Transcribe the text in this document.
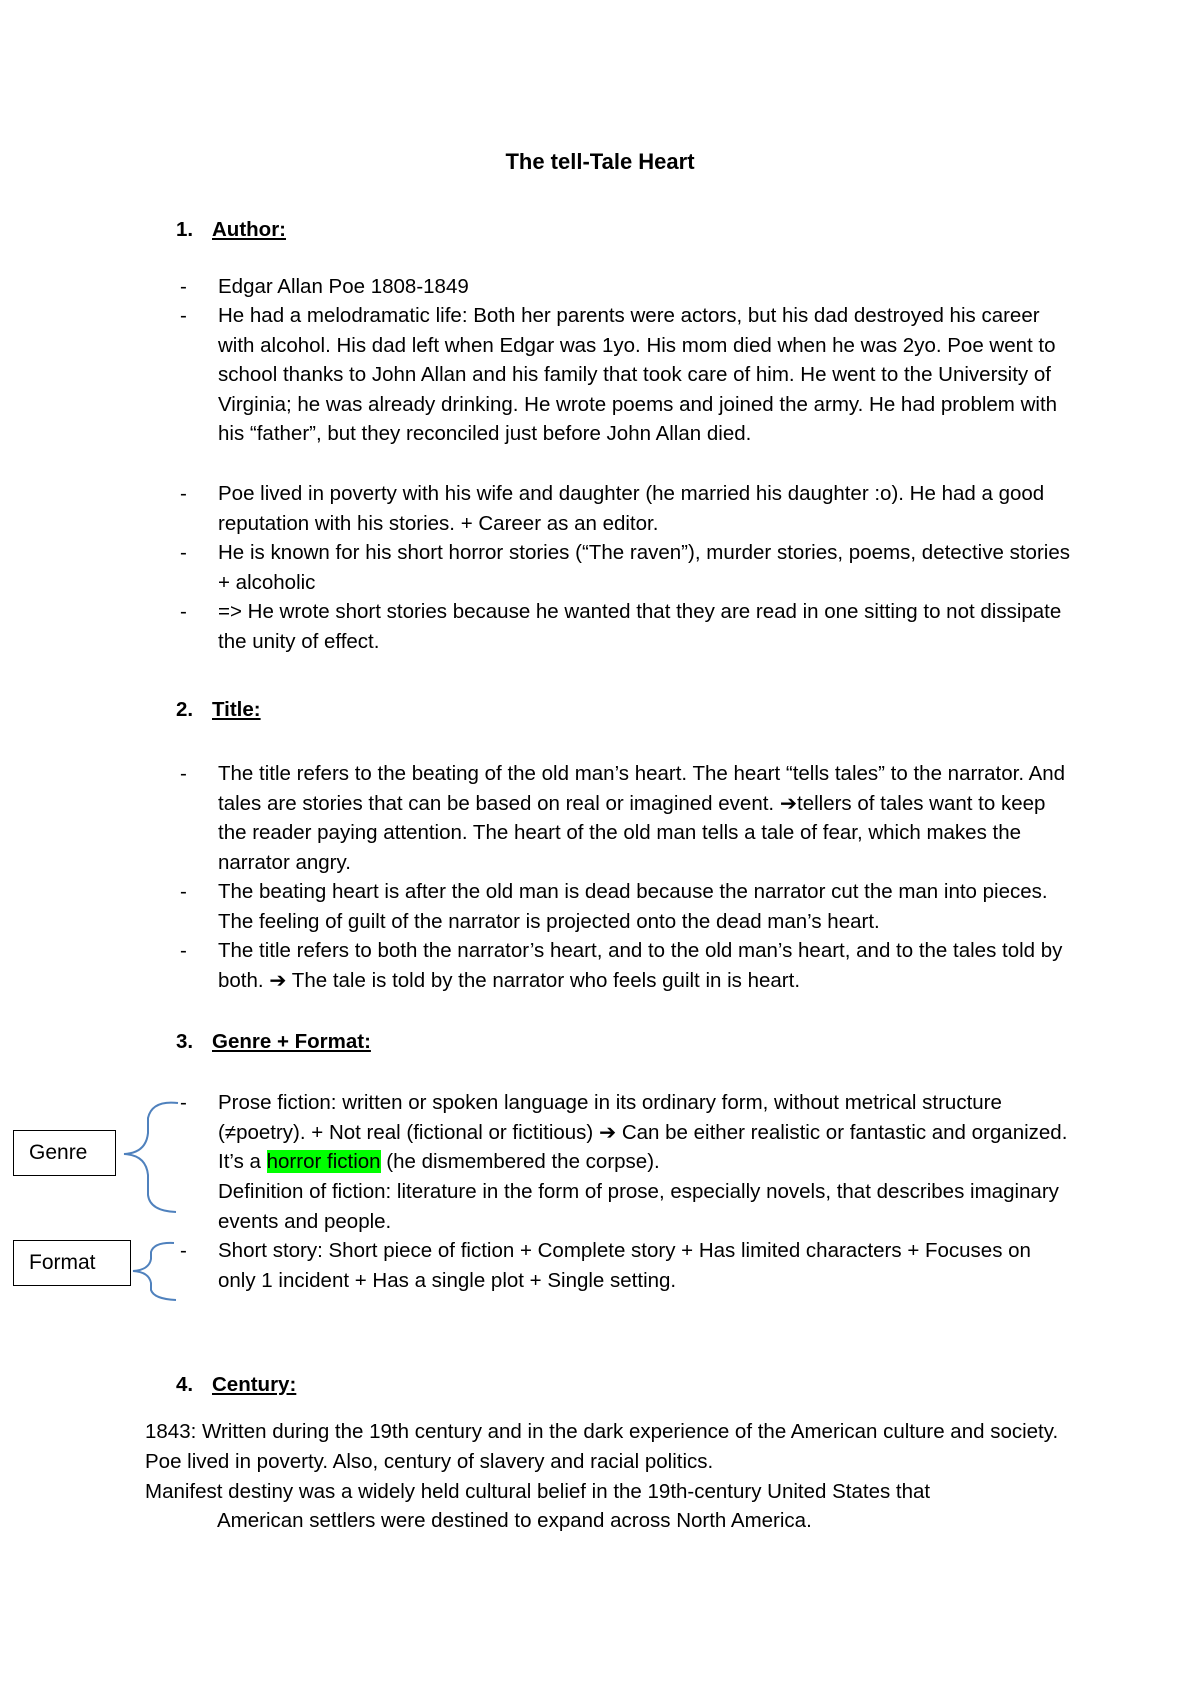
The tell-Tale Heart
1. Author:
- Edgar Allan Poe 1808-1849
- He had a melodramatic life: Both her parents were actors, but his dad destroyed his career with alcohol. His dad left when Edgar was 1yo. His mom died when he was 2yo. Poe went to school thanks to John Allan and his family that took care of him. He went to the University of Virginia; he was already drinking. He wrote poems and joined the army. He had problem with his “father”, but they reconciled just before John Allan died.
- Poe lived in poverty with his wife and daughter (he married his daughter :o). He had a good reputation with his stories. + Career as an editor.
- He is known for his short horror stories (“The raven”), murder stories, poems, detective stories + alcoholic
- => He wrote short stories because he wanted that they are read in one sitting to not dissipate the unity of effect.
2. Title:
- The title refers to the beating of the old man’s heart. The heart “tells tales” to the narrator. And tales are stories that can be based on real or imagined event. ➔tellers of tales want to keep the reader paying attention. The heart of the old man tells a tale of fear, which makes the narrator angry.
- The beating heart is after the old man is dead because the narrator cut the man into pieces. The feeling of guilt of the narrator is projected onto the dead man’s heart.
- The title refers to both the narrator’s heart, and to the old man’s heart, and to the tales told by both. ➔ The tale is told by the narrator who feels guilt in is heart.
3. Genre + Format:
- Prose fiction: written or spoken language in its ordinary form, without metrical structure (≠poetry). + Not real (fictional or fictitious) ➔ Can be either realistic or fantastic and organized. It’s a horror fiction (he dismembered the corpse).
Definition of fiction: literature in the form of prose, especially novels, that describes imaginary events and people.
- Short story: Short piece of fiction + Complete story + Has limited characters + Focuses on only 1 incident + Has a single plot + Single setting.
Genre
Format
4. Century:
1843: Written during the 19th century and in the dark experience of the American culture and society. Poe lived in poverty. Also, century of slavery and racial politics.
Manifest destiny was a widely held cultural belief in the 19th-century United States that
American settlers were destined to expand across North America.
